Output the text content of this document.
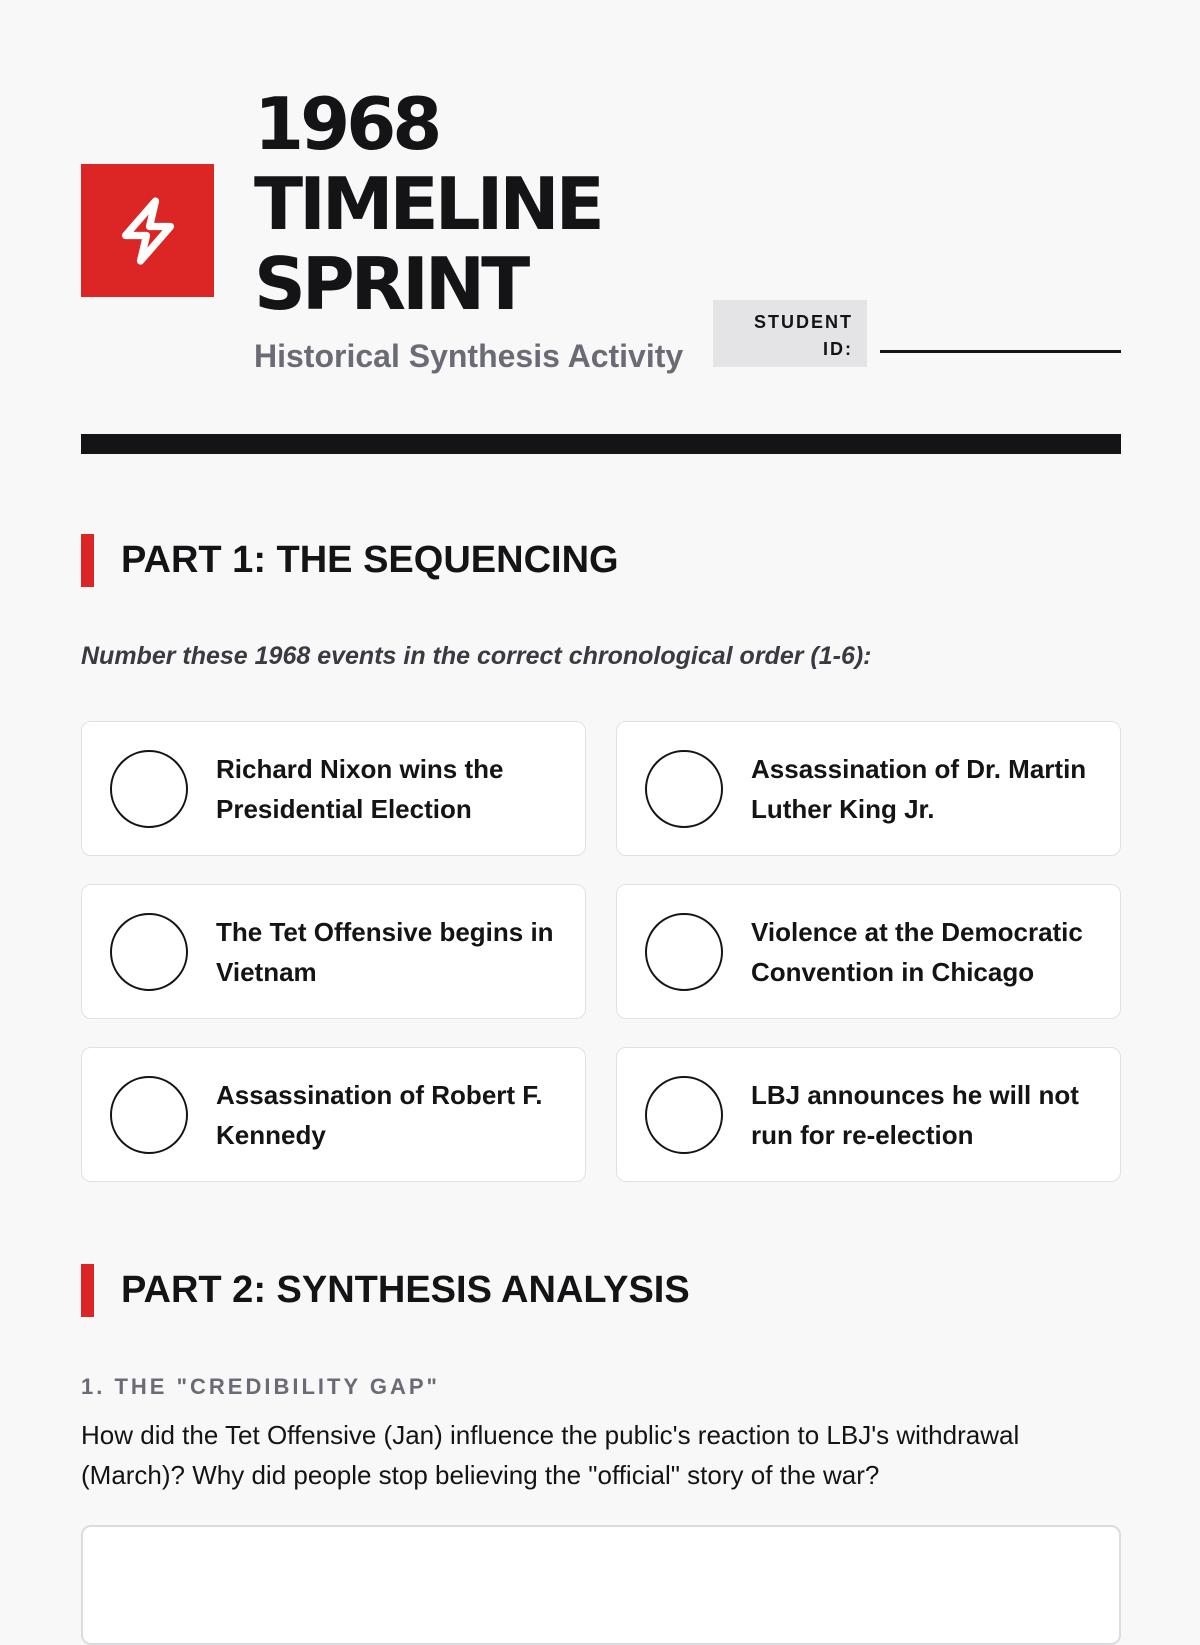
1968
TIMELINE
SPRINT
Historical Synthesis Activity
STUDENT
ID:
PART 1: THE SEQUENCING
Number these 1968 events in the correct chronological order (1-6):
Richard Nixon wins the
Presidential Election
Assassination of Dr. Martin
Luther King Jr.
The Tet Offensive begins in
Vietnam
Violence at the Democratic
Convention in Chicago
Assassination of Robert F.
Kennedy
LBJ announces he will not
run for re-election
PART 2: SYNTHESIS ANALYSIS
1. THE "CREDIBILITY GAP"
How did the Tet Offensive (Jan) influence the public's reaction to LBJ's withdrawal (March)? Why did people stop believing the "official" story of the war?
